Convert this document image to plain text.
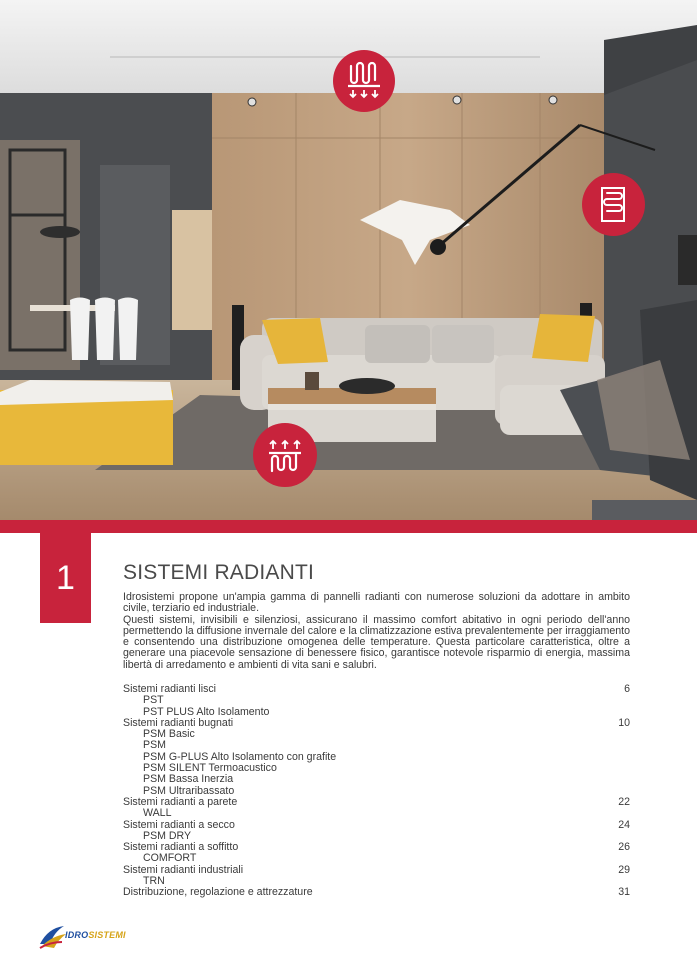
1 SISTEMI RADIANTI

Idrosistemi propone un'ampia gamma di pannelli radianti con numerose soluzioni da adottare in ambito civile, terziario ed industriale.

Questi sistemi, invisibili e silenziosi, assicurano il massimo comfort abitativo in ogni periodo dell'anno permettendo la diffusione invernale del calore e la climatizzazione estiva prevalentemente per irraggiamento e consentendo una distribuzione omogenea delle temperature. Questa particolare caratteristica, oltre a generare una piacevole sensazione di benessere fisico, garantisce notevole risparmio di energia, massima libertà di arredamento e ambienti di vita sani e salubri.

Sistemi radianti lisci	6
PST
PST PLUS Alto Isolamento
Sistemi radianti bugnati	10
PSM Basic
PSM
PSM G-PLUS Alto Isolamento con grafite
PSM SILENT Termoacustico
PSM Bassa Inerzia
PSM Ultraribassato
Sistemi radianti a parete	22
WALL
Sistemi radianti a secco	24
PSM DRY
Sistemi radianti a soffitto	26
COMFORT
Sistemi radianti industriali	29
TRN
Distribuzione, regolazione e attrezzature	31
IDROSISTEMI
